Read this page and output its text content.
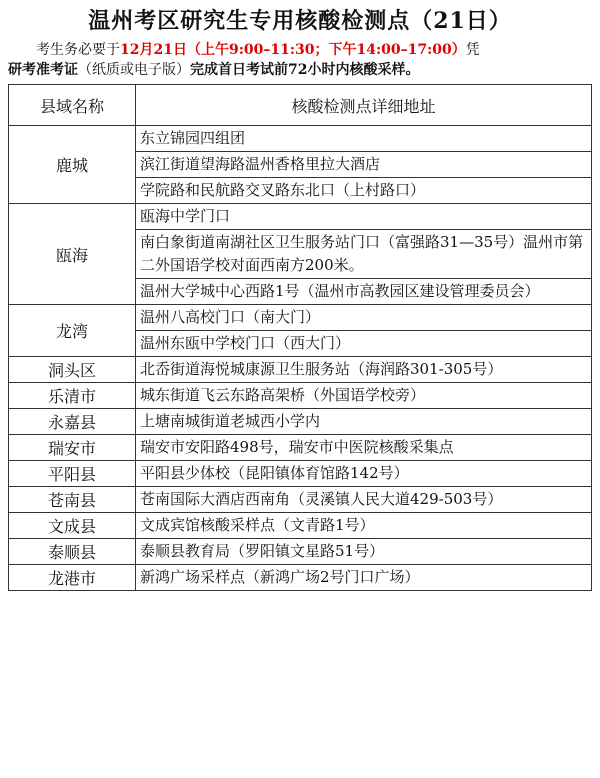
温州考区研究生专用核酸检测点（21日）
考生务必要于12月21日（上午9:00–11:30；下午14:00–17:00）凭
研考准考证（纸质或电子版）完成首日考试前72小时内核酸采样。
县域名称	核酸检测点详细地址
鹿城	东立锦园四组团
滨江街道望海路温州香格里拉大酒店
学院路和民航路交叉路东北口（上村路口）

瓯海	瓯海中学门口
南白象街道南湖社区卫生服务站门口（富强路31—35号）温州市第二外国语学校对面西南方200米。
温州大学城中心西路1号（温州市高教园区建设管理委员会）

龙湾	温州八高校门口（南大门）
温州东瓯中学校门口（西大门）

洞头区	北岙街道海悦城康源卫生服务站（海润路301-305号）

乐清市	城东街道飞云东路高架桥（外国语学校旁）

永嘉县	上塘南城街道老城西小学内

瑞安市	瑞安市安阳路498号，瑞安市中医院核酸采集点

平阳县	平阳县少体校（昆阳镇体育馆路142号）

苍南县	苍南国际大酒店西南角（灵溪镇人民大道429-503号）

文成县	文成宾馆核酸采样点（文青路1号）

泰顺县	泰顺县教育局（罗阳镇文星路51号）

龙港市	新鸿广场采样点（新鸿广场2号门口广场）
